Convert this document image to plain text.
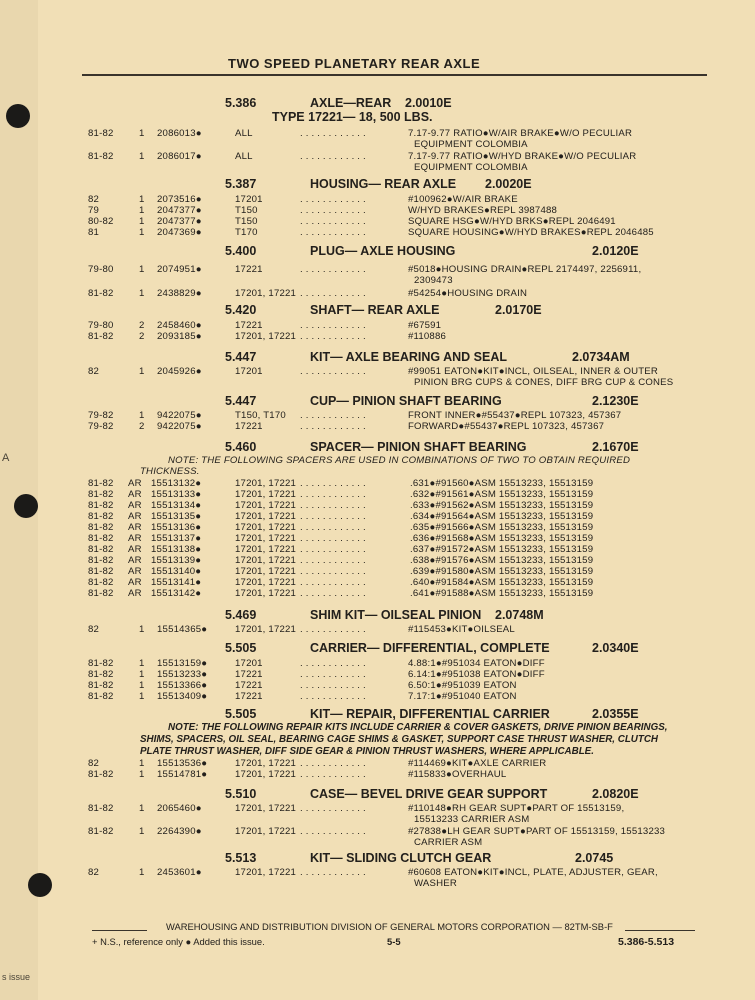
A
s issue
TWO SPEED PLANETARY REAR AXLE
5.386	AXLE—REAR 2.0010E
TYPE 17221— 18, 500 LBS.
81-82	1 2086013●	ALL	. . . . . . . . . . . .	7.17-9.77 RATIO●W/AIR BRAKE●W/O PECULIAR
EQUIPMENT COLOMBIA
81-82	1 2086017●	ALL	. . . . . . . . . . . .	7.17-9.77 RATIO●W/HYD BRAKE●W/O PECULIAR
EQUIPMENT COLOMBIA
5.387	HOUSING— REAR AXLE 2.0020E
82	1 2073516●	17201	. . . . . . . . . . . .	#100962●W/AIR BRAKE
79	1 2047377●	T150	. . . . . . . . . . . .	W/HYD BRAKES●REPL 3987488
80-82	1 2047377●	T150	. . . . . . . . . . . .	SQUARE HSG●W/HYD BRKS●REPL 2046491
81	1 2047369●	T170	. . . . . . . . . . . .	SQUARE HOUSING●W/HYD BRAKES●REPL 2046485
5.400	PLUG— AXLE HOUSING	2.0120E
79-80	1 2074951●	17221	. . . . . . . . . . . .	#5018●HOUSING DRAIN●REPL 2174497, 2256911,
2309473
81-82	1 2438829●	17201, 17221 . . . . . . . . . . . .	#54254●HOUSING DRAIN
5.420	SHAFT— REAR AXLE	2.0170E
79-80	2 2458460●	17221	. . . . . . . . . . . .	#67591
81-82	2 2093185●	17201, 17221 . . . . . . . . . . . .	#110886
5.447	KIT— AXLE BEARING AND SEAL	2.0734AM
82	1 2045926●	17201	. . . . . . . . . . . .	#99051 EATON●KIT●INCL, OILSEAL, INNER & OUTER
PINION BRG CUPS & CONES, DIFF BRG CUP & CONES
5.447	CUP— PINION SHAFT BEARING	2.1230E
79-82	1 9422075●	T150, T170 . . . . . . . . . . . .	FRONT INNER●#55437●REPL 107323, 457367
79-82	2 9422075●	17221	. . . . . . . . . . . .	FORWARD●#55437●REPL 107323, 457367
5.460	SPACER— PINION SHAFT BEARING	2.1670E
NOTE: THE FOLLOWING SPACERS ARE USED IN COMBINATIONS OF TWO TO OBTAIN REQUIRED
THICKNESS.
81-82 AR 15513132●	17201, 17221 . . . . . . . . . . . .	.631●#91560●ASM 15513233, 15513159
81-82 AR 15513133●	17201, 17221 . . . . . . . . . . . .	.632●#91561●ASM 15513233, 15513159
81-82 AR 15513134●	17201, 17221 . . . . . . . . . . . .	.633●#91562●ASM 15513233, 15513159
81-82 AR 15513135●	17201, 17221 . . . . . . . . . . . .	.634●#91564●ASM 15513233, 15513159
81-82 AR 15513136●	17201, 17221 . . . . . . . . . . . .	.635●#91566●ASM 15513233, 15513159
81-82 AR 15513137●	17201, 17221 . . . . . . . . . . . .	.636●#91568●ASM 15513233, 15513159
81-82 AR 15513138●	17201, 17221 . . . . . . . . . . . .	.637●#91572●ASM 15513233, 15513159
81-82 AR 15513139●	17201, 17221 . . . . . . . . . . . .	.638●#91576●ASM 15513233, 15513159
81-82 AR 15513140●	17201, 17221 . . . . . . . . . . . .	.639●#91580●ASM 15513233, 15513159
81-82 AR 15513141●	17201, 17221 . . . . . . . . . . . .	.640●#91584●ASM 15513233, 15513159
81-82 AR 15513142●	17201, 17221 . . . . . . . . . . . .	.641●#91588●ASM 15513233, 15513159
5.469	SHIM KIT— OILSEAL PINION 2.0748M
82	1 15514365●	17201, 17221 . . . . . . . . . . . .	#115453●KIT●OILSEAL
5.505	CARRIER— DIFFERENTIAL, COMPLETE	2.0340E
81-82	1 15513159●	17201	. . . . . . . . . . . .	4.88:1●#951034 EATON●DIFF
81-82	1 15513233●	17221	. . . . . . . . . . . .	6.14:1●#951038 EATON●DIFF
81-82	1 15513366●	17221	. . . . . . . . . . . .	6.50:1●#951039 EATON
81-82	1 15513409●	17221	. . . . . . . . . . . .	7.17:1●#951040 EATON
5.505	KIT— REPAIR, DIFFERENTIAL CARRIER	2.0355E
NOTE: THE FOLLOWING REPAIR KITS INCLUDE CARRIER & COVER GASKETS, DRIVE PINION BEARINGS,
SHIMS, SPACERS, OIL SEAL, BEARING CAGE SHIMS & GASKET, SUPPORT CASE THRUST WASHER, CLUTCH
PLATE THRUST WASHER, DIFF SIDE GEAR & PINION THRUST WASHERS, WHERE APPLICABLE.
82	1 15513536●	17201, 17221 . . . . . . . . . . . .	#114469●KIT●AXLE CARRIER
81-82	1 15514781●	17201, 17221 . . . . . . . . . . . .	#115833●OVERHAUL
5.510	CASE— BEVEL DRIVE GEAR SUPPORT	2.0820E
81-82	1 2065460●	17201, 17221 . . . . . . . . . . . .	#110148●RH GEAR SUPT●PART OF 15513159,
15513233 CARRIER ASM
81-82	1 2264390●	17201, 17221 . . . . . . . . . . . .	#27838●LH GEAR SUPT●PART OF 15513159, 15513233
CARRIER ASM
5.513	KIT— SLIDING CLUTCH GEAR	2.0745
82	1 2453601●	17201, 17221 . . . . . . . . . . . .	#60608 EATON●KIT●INCL, PLATE, ADJUSTER, GEAR,
WASHER
WAREHOUSING AND DISTRIBUTION DIVISION OF GENERAL MOTORS CORPORATION — 82TM-SB-F
+ N.S., reference only ● Added this issue.	5-5	5.386-5.513
